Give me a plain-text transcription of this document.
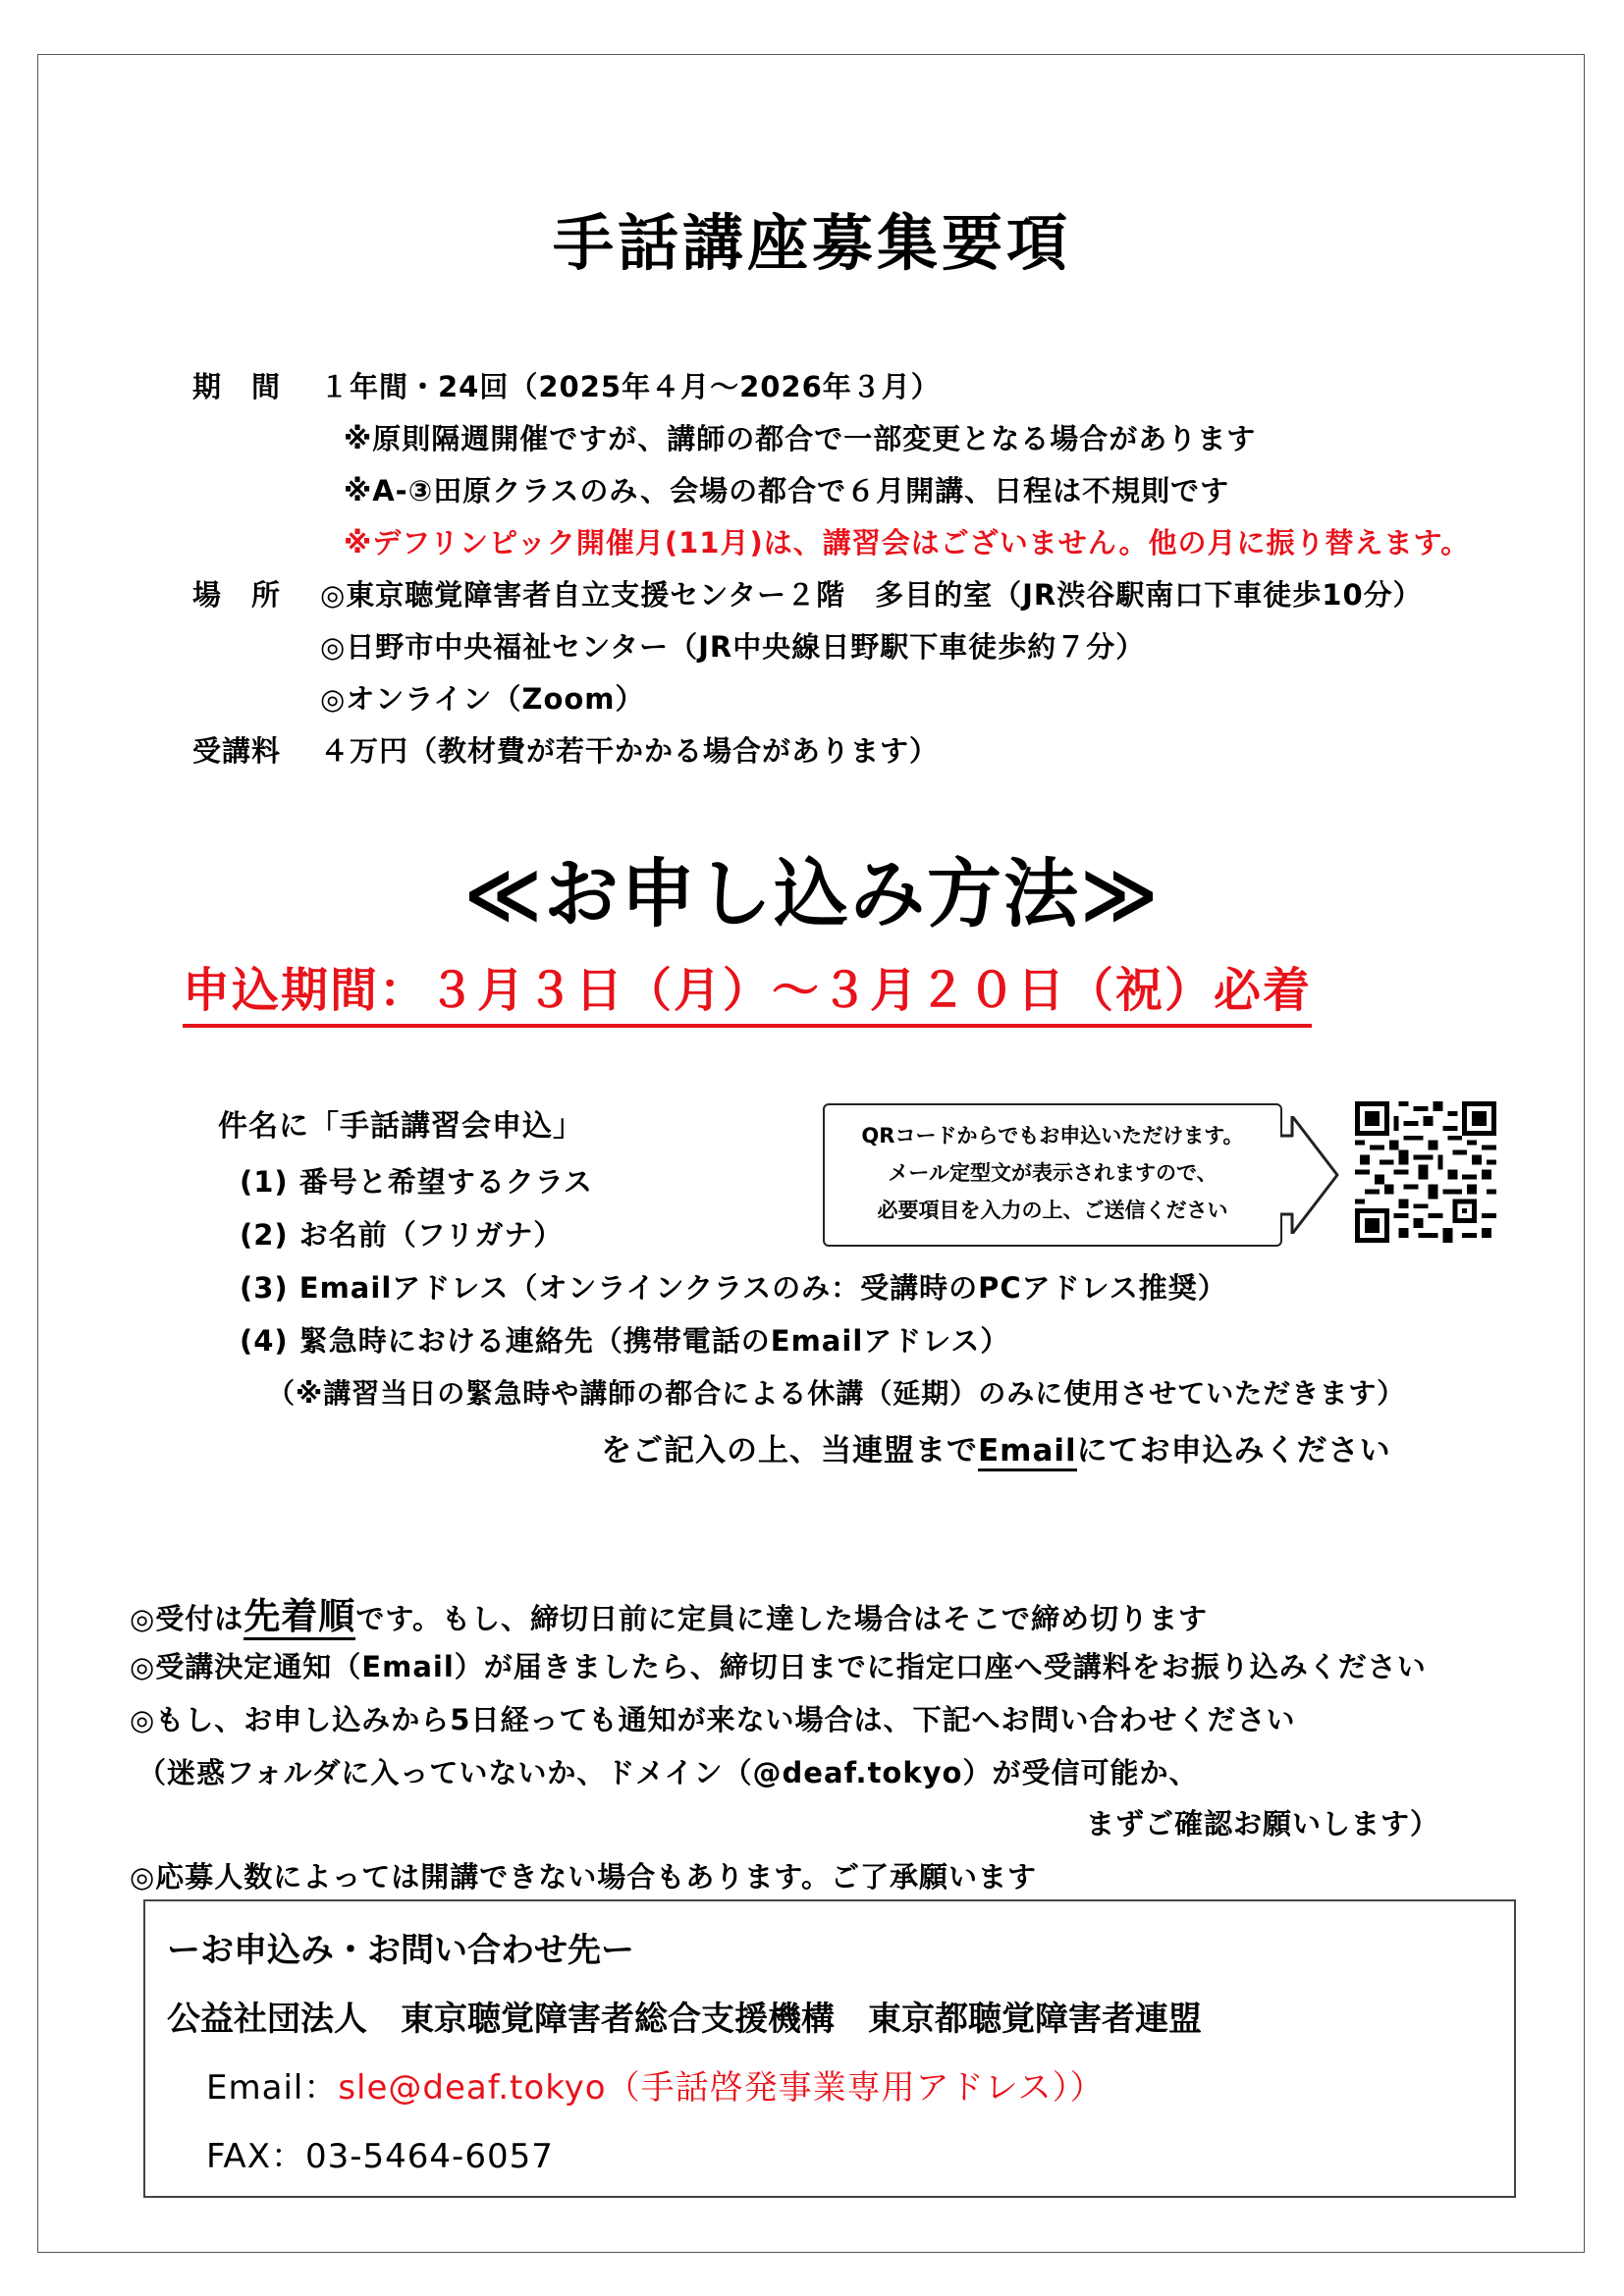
手話講座募集要項
期　間 １年間・24回（2025年４月～2026年３月）
※原則隔週開催ですが、講師の都合で一部変更となる場合があります
※A-③田原クラスのみ、会場の都合で６月開講、日程は不規則です
※デフリンピック開催月(11月)は、講習会はございません。他の月に振り替えます。
場　所 ◎東京聴覚障害者自立支援センター２階　多目的室（JR渋谷駅南口下車徒歩10分）
◎日野市中央福祉センター（JR中央線日野駅下車徒歩約７分）
◎オンライン（Zoom）
受講料 ４万円（教材費が若干かかる場合があります）
≪お申し込み方法≫
申込期間：３月３日（月）～３月２０日（祝）必着
件名に「手話講習会申込」	QRコードからでもお申込いただけます。
メール定型文が表示されますので、
必要項目を入力の上、ご送信ください
(1) 番号と希望するクラス
(2) お名前（フリガナ）
(3) Emailアドレス（オンラインクラスのみ：受講時のPCアドレス推奨）
(4) 緊急時における連絡先（携帯電話のEmailアドレス）
（※講習当日の緊急時や講師の都合による休講（延期）のみに使用させていただきます）
をご記入の上、当連盟までEmailにてお申込みください
◎受付は先着順です。もし、締切日前に定員に達した場合はそこで締め切ります
◎受講決定通知（Email）が届きましたら、締切日までに指定口座へ受講料をお振り込みください
◎もし、お申し込みから5日経っても通知が来ない場合は、下記へお問い合わせください
（迷惑フォルダに入っていないか、ドメイン（@deaf.tokyo）が受信可能か、
まずご確認お願いします）
◎応募人数によっては開講できない場合もあります。ご了承願います
ーお申込み・お問い合わせ先ー
公益社団法人　東京聴覚障害者総合支援機構　東京都聴覚障害者連盟
Email：sle@deaf.tokyo（手話啓発事業専用アドレス））
FAX：03-5464-6057
